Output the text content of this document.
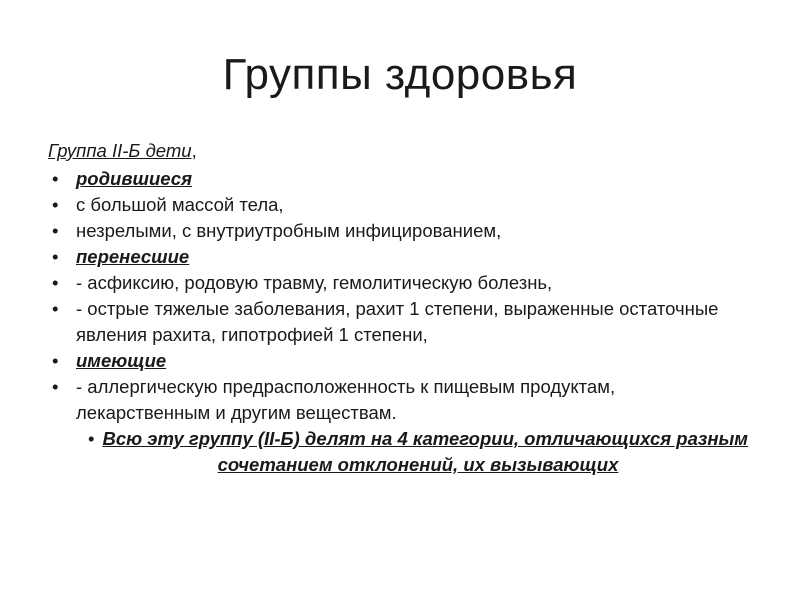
Группы здоровья

Группа II-Б дети,

• родившиеся
• с большой массой тела,
• незрелыми, с внутриутробным инфицированием,
• перенесшие
• - асфиксию, родовую травму, гемолитическую болезнь,
• - острые тяжелые заболевания, рахит 1 степени, выраженные остаточные явления рахита, гипотрофией 1 степени,
• имеющие
• - аллергическую предрасположенность к пищевым продуктам, лекарственным и другим веществам.
• Всю эту группу (II-Б) делят на 4 категории, отличающихся разным сочетанием отклонений, их вызывающих
